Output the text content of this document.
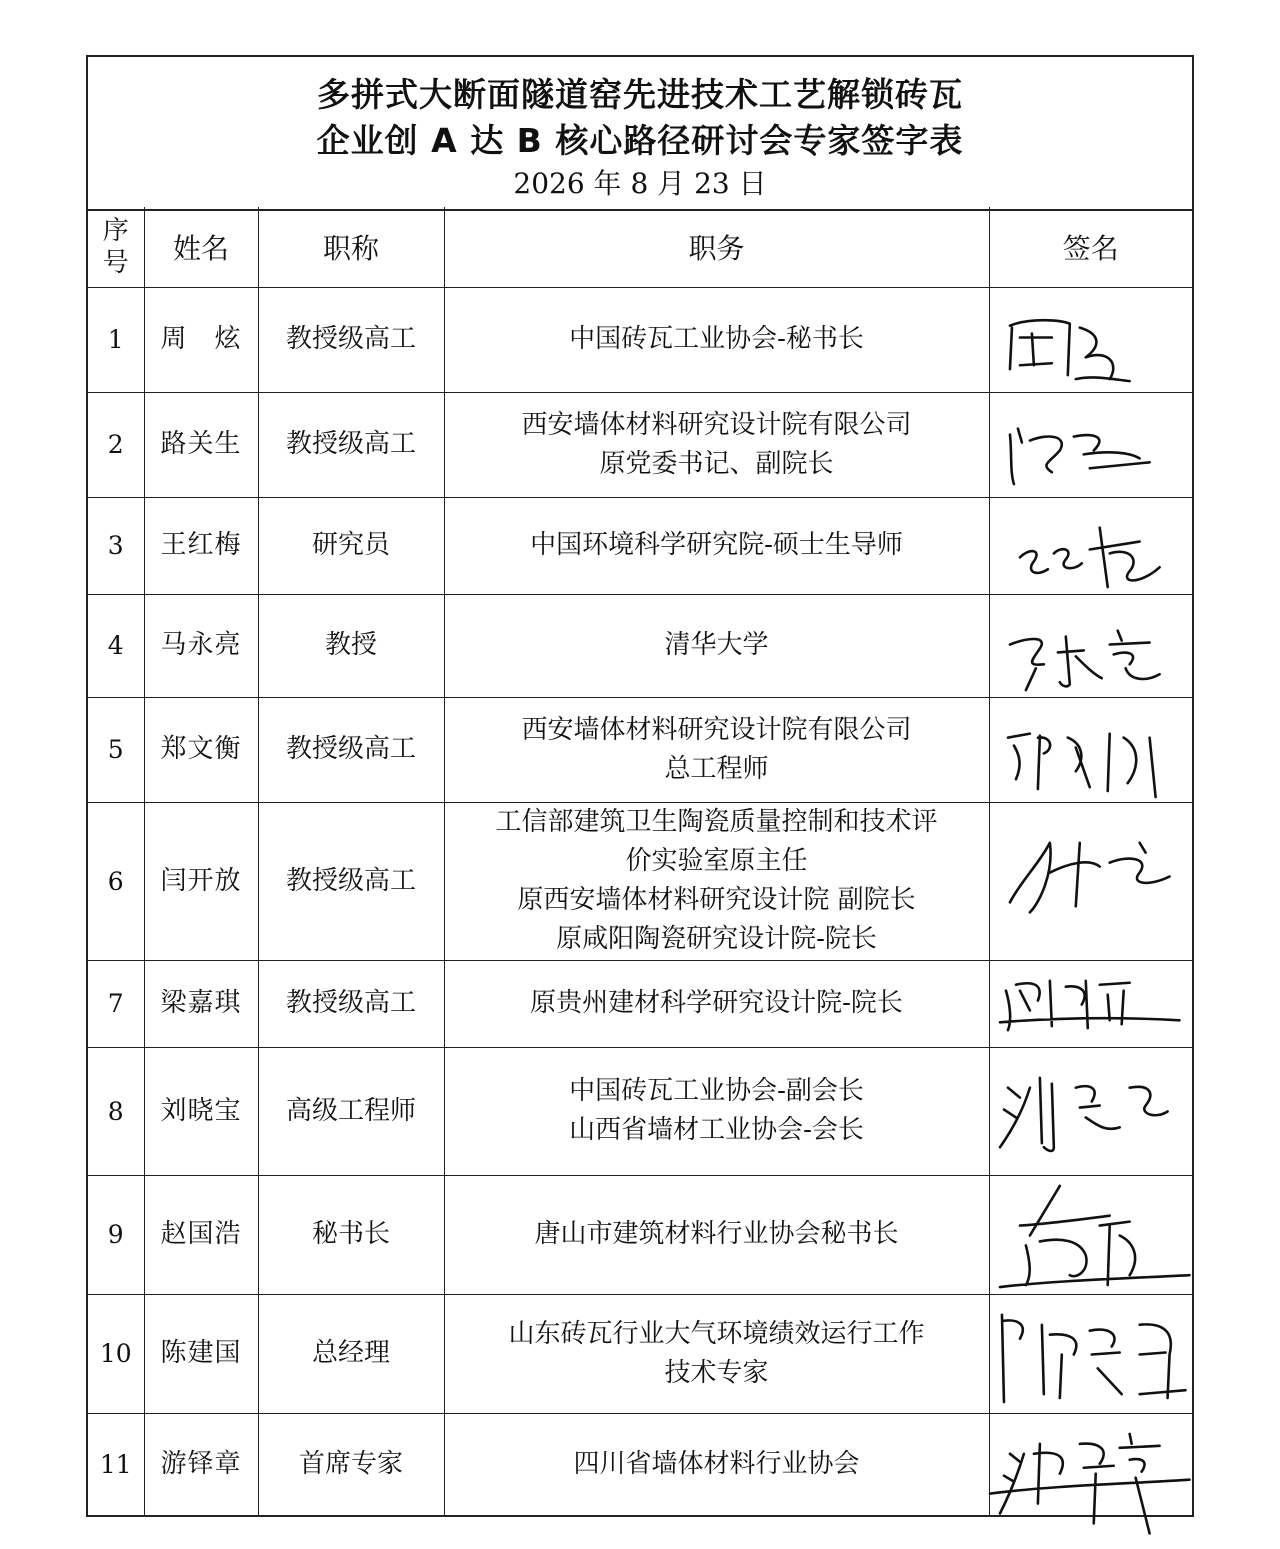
多拼式大断面隧道窑先进技术工艺解锁砖瓦
企业创 A 达 B 核心路径研讨会专家签字表
2026 年 8 月 23 日
序
号	姓名	职称	职务	签名
1	周　炫	教授级高工	中国砖瓦工业协会-秘书长

2	路关生	教授级高工	西安墙体材料研究设计院有限公司
原党委书记、副院长

3	王红梅	研究员	中国环境科学研究院-硕士生导师

4	马永亮	教授	清华大学

5	郑文衡	教授级高工	西安墙体材料研究设计院有限公司
总工程师

6	闫开放	教授级高工	工信部建筑卫生陶瓷质量控制和技术评
价实验室原主任
原西安墙体材料研究设计院 副院长
原咸阳陶瓷研究设计院-院长

7	梁嘉琪	教授级高工	原贵州建材科学研究设计院-院长

8	刘晓宝	高级工程师	中国砖瓦工业协会-副会长
山西省墙材工业协会-会长

9	赵国浩	秘书长	唐山市建筑材料行业协会秘书长

10	陈建国	总经理	山东砖瓦行业大气环境绩效运行工作
技术专家

11	游铎章	首席专家	四川省墙体材料行业协会
